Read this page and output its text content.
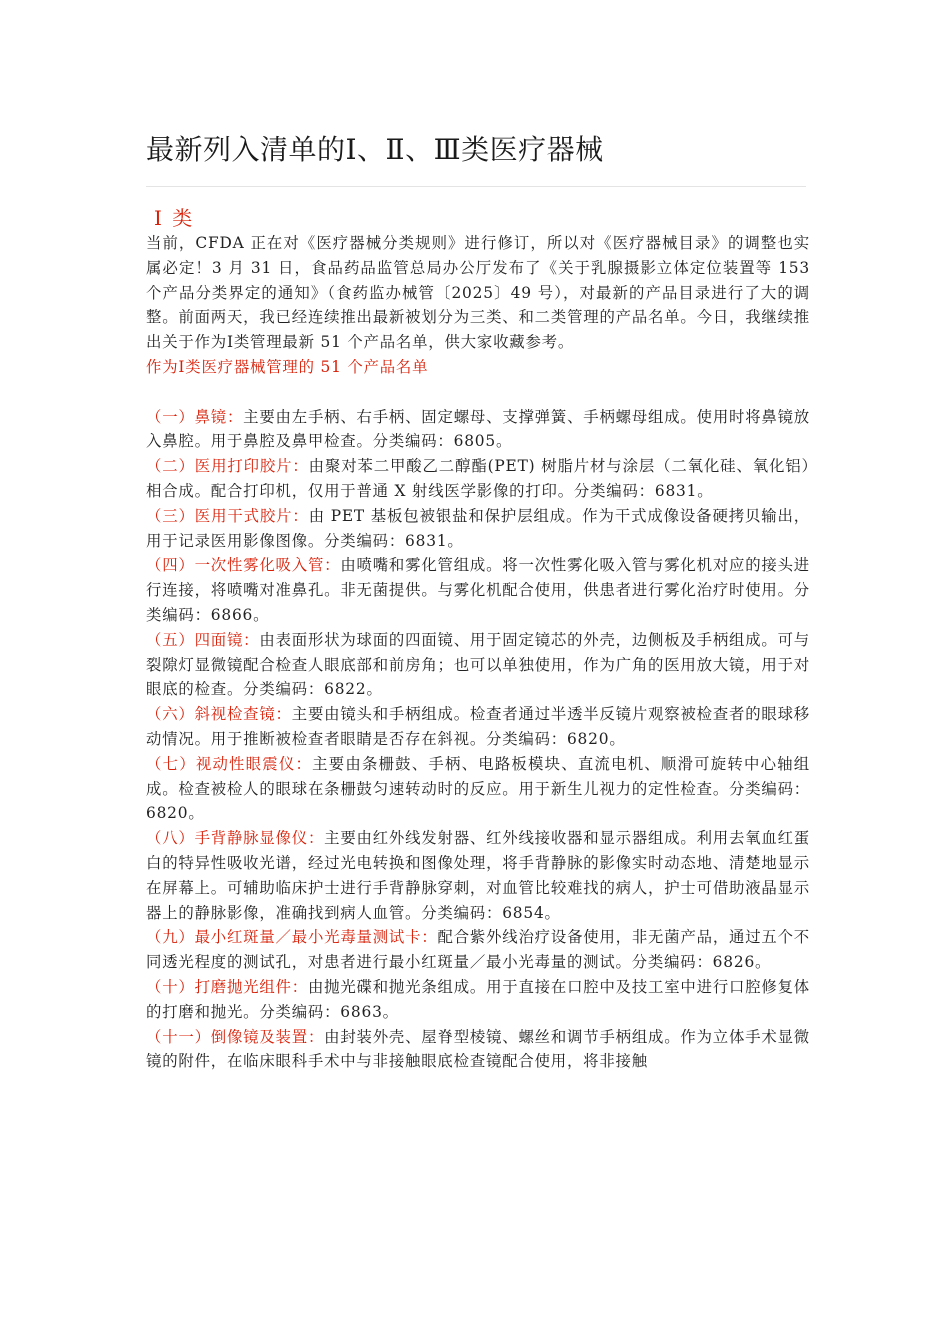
最新列入清单的Ⅰ、Ⅱ、Ⅲ类医疗器械

Ⅰ 类

当前，CFDA 正在对《医疗器械分类规则》进行修订，所以对《医疗器械目录》的调整也实属必定！3 月 31 日，食品药品监管总局办公厅发布了《关于乳腺摄影立体定位装置等 153 个产品分类界定的通知》（食药监办械管〔2025〕49 号），对最新的产品目录进行了大的调整。前面两天，我已经连续推出最新被划分为三类、和二类管理的产品名单。今日，我继续推出关于作为Ⅰ类管理最新 51 个产品名单，供大家收藏参考。

作为Ⅰ类医疗器械管理的 51 个产品名单

（一）鼻镜：主要由左手柄、右手柄、固定螺母、支撑弹簧、手柄螺母组成。使用时将鼻镜放入鼻腔。用于鼻腔及鼻甲检查。分类编码：6805。

（二）医用打印胶片：由聚对苯二甲酸乙二醇酯(PET) 树脂片材与涂层（二氧化硅、氧化铝）相合成。配合打印机，仅用于普通 X 射线医学影像的打印。分类编码：6831。

（三）医用干式胶片：由 PET 基板包被银盐和保护层组成。作为干式成像设备硬拷贝输出，用于记录医用影像图像。分类编码：6831。

（四）一次性雾化吸入管：由喷嘴和雾化管组成。将一次性雾化吸入管与雾化机对应的接头进行连接，将喷嘴对准鼻孔。非无菌提供。与雾化机配合使用，供患者进行雾化治疗时使用。分类编码：6866。

（五）四面镜：由表面形状为球面的四面镜、用于固定镜芯的外壳，边侧板及手柄组成。可与裂隙灯显微镜配合检查人眼底部和前房角；也可以单独使用，作为广角的医用放大镜，用于对眼底的检查。分类编码：6822。

（六）斜视检查镜：主要由镜头和手柄组成。检查者通过半透半反镜片观察被检查者的眼球移动情况。用于推断被检查者眼睛是否存在斜视。分类编码：6820。

（七）视动性眼震仪：主要由条栅鼓、手柄、电路板模块、直流电机、顺滑可旋转中心轴组成。检查被检人的眼球在条栅鼓匀速转动时的反应。用于新生儿视力的定性检查。分类编码：6820。

（八）手背静脉显像仪：主要由红外线发射器、红外线接收器和显示器组成。利用去氧血红蛋白的特异性吸收光谱，经过光电转换和图像处理，将手背静脉的影像实时动态地、清楚地显示在屏幕上。可辅助临床护士进行手背静脉穿刺，对血管比较难找的病人，护士可借助液晶显示器上的静脉影像，准确找到病人血管。分类编码：6854。

（九）最小红斑量／最小光毒量测试卡：配合紫外线治疗设备使用，非无菌产品，通过五个不同透光程度的测试孔，对患者进行最小红斑量／最小光毒量的测试。分类编码：6826。

（十）打磨抛光组件：由抛光碟和抛光条组成。用于直接在口腔中及技工室中进行口腔修复体的打磨和抛光。分类编码：6863。

（十一）倒像镜及装置：由封装外壳、屋脊型棱镜、螺丝和调节手柄组成。作为立体手术显微镜的附件，在临床眼科手术中与非接触眼底检查镜配合使用，将非接触
